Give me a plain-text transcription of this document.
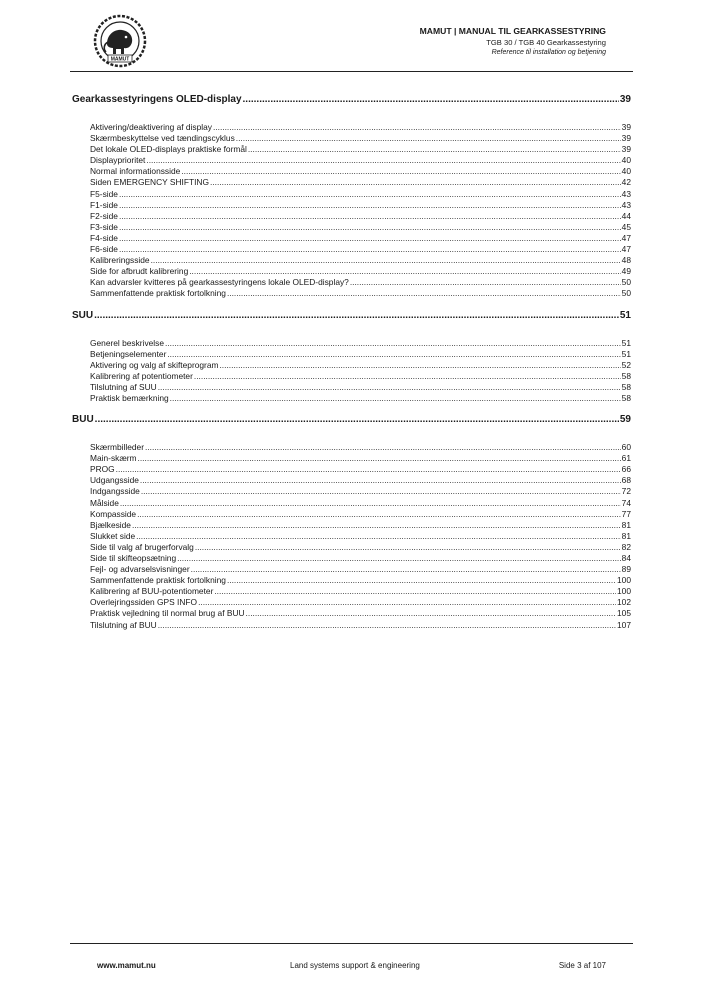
MAMUT
MAMUT | MANUAL TIL GEARKASSESTYRING
TGB 30 / TGB 40 Gearkassestyring
Reference til installation og betjening
Gearkassestyringens OLED-display .....	39
Aktivering/deaktivering af display .....	39
Skærmbeskyttelse ved tændingscyklus .....	39
Det lokale OLED-displays praktiske formål .....	39
Displayprioritet .....	40
Normal informationsside .....	40
Siden EMERGENCY SHIFTING .....	42
F5-side .....	43
F1-side .....	43
F2-side .....	44
F3-side .....	45
F4-side .....	47
F6-side .....	47
Kalibreringsside .....	48
Side for afbrudt kalibrering .....	49
Kan advarsler kvitteres på gearkassestyringens lokale OLED-display? .....	50
Sammenfattende praktisk fortolkning .....	50
SUU .....	51
Generel beskrivelse .....	51
Betjeningselementer .....	51
Aktivering og valg af skifteprogram .....	52
Kalibrering af potentiometer .....	58
Tilslutning af SUU .....	58
Praktisk bemærkning .....	58
BUU .....	59
Skærmbilleder .....	60
Main-skærm .....	61
PROG .....	66
Udgangsside .....	68
Indgangsside .....	72
Målside .....	74
Kompasside .....	77
Bjælkeside .....	81
Slukket side .....	81
Side til valg af brugerforvalg .....	82
Side til skifteopsætning .....	84
Fejl- og advarselsvisninger .....	89
Sammenfattende praktisk fortolkning .....	100
Kalibrering af BUU-potentiometer .....	100
Overlejringssiden GPS INFO .....	102
Praktisk vejledning til normal brug af BUU .....	105
Tilslutning af BUU .....	107
www.mamut.nu	Land systems support & engineering	Side 3 af 107
